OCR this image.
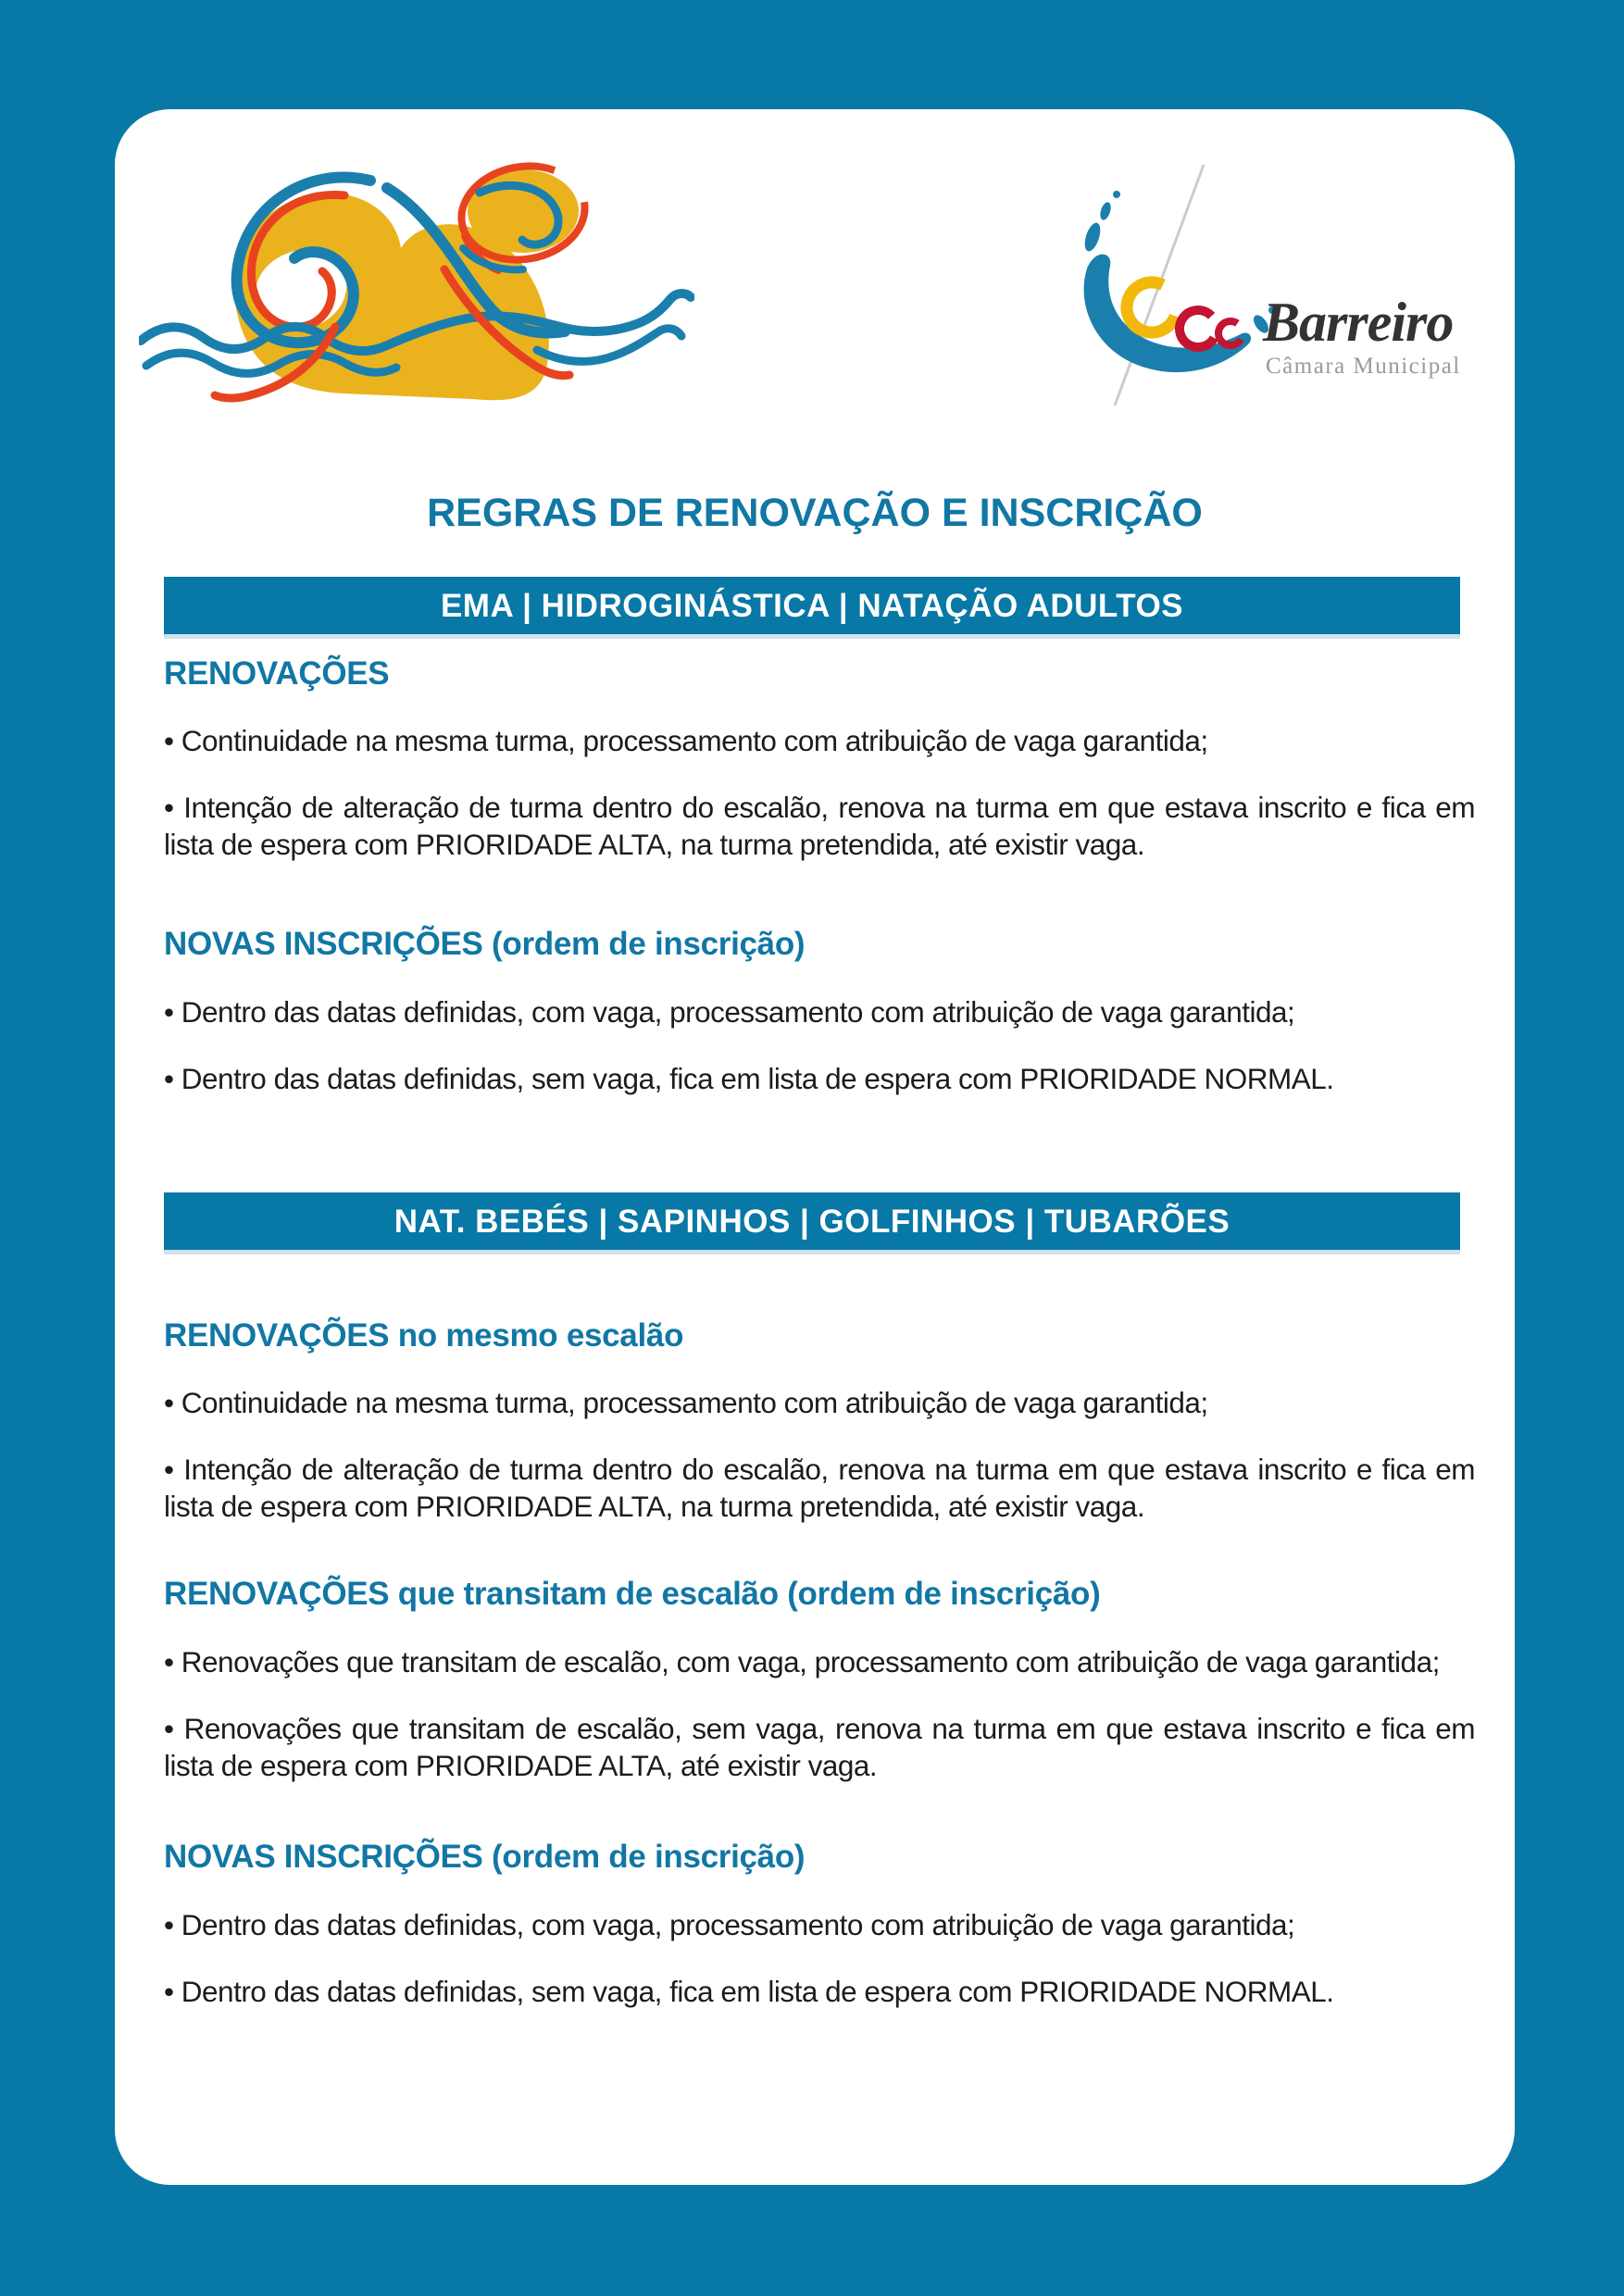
Barreiro
Câmara Municipal
REGRAS DE RENOVAÇÃO E INSCRIÇÃO
EMA | HIDROGINÁSTICA | NATAÇÃO ADULTOS
RENOVAÇÕES
• Continuidade na mesma turma, processamento com atribuição de vaga garantida;
• Intenção de alteração de turma dentro do escalão, renova na turma em que estava inscrito e fica em lista de espera com PRIORIDADE ALTA, na turma pretendida, até existir vaga.
NOVAS INSCRIÇÕES (ordem de inscrição)
• Dentro das datas definidas, com vaga, processamento com atribuição de vaga garantida;
• Dentro das datas definidas, sem vaga, fica em lista de espera com PRIORIDADE NORMAL.
NAT. BEBÉS | SAPINHOS | GOLFINHOS | TUBARÕES
RENOVAÇÕES no mesmo escalão
• Continuidade na mesma turma, processamento com atribuição de vaga garantida;
• Intenção de alteração de turma dentro do escalão, renova na turma em que estava inscrito e fica em lista de espera com PRIORIDADE ALTA, na turma pretendida, até existir vaga.
RENOVAÇÕES que transitam de escalão (ordem de inscrição)
• Renovações que transitam de escalão, com vaga, processamento com atribuição de vaga garantida;
• Renovações que transitam de escalão, sem vaga, renova na turma em que estava inscrito e fica em lista de espera com PRIORIDADE ALTA, até existir vaga.
NOVAS INSCRIÇÕES (ordem de inscrição)
• Dentro das datas definidas, com vaga, processamento com atribuição de vaga garantida;
• Dentro das datas definidas, sem vaga, fica em lista de espera com PRIORIDADE NORMAL.
